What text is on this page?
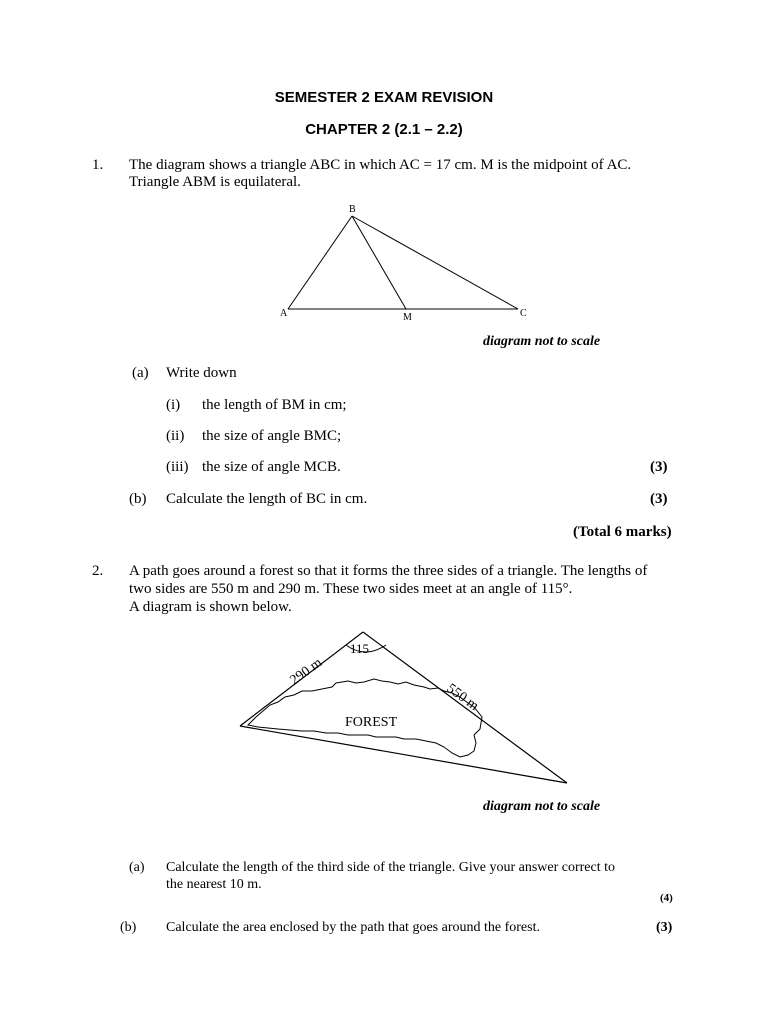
SEMESTER 2 EXAM REVISION
CHAPTER 2 (2.1 – 2.2)
1. The diagram shows a triangle ABC in which AC = 17 cm. M is the midpoint of AC.
Triangle ABM is equilateral.
B
A	M	C
diagram not to scale
(a) Write down
(i) the length of BM in cm;
(ii) the size of angle BMC;
(iii) the size of angle MCB.	(3)
(b) Calculate the length of BC in cm.	(3)
(Total 6 marks)
2. A path goes around a forest so that it forms the three sides of a triangle. The lengths of
two sides are 550 m and 290 m. These two sides meet at an angle of 115°.
A diagram is shown below.
290 m
550 m
115
FOREST
diagram not to scale
(a) Calculate the length of the third side of the triangle. Give your answer correct to
the nearest 10 m.
(4)
(b) Calculate the area enclosed by the path that goes around the forest.	(3)
